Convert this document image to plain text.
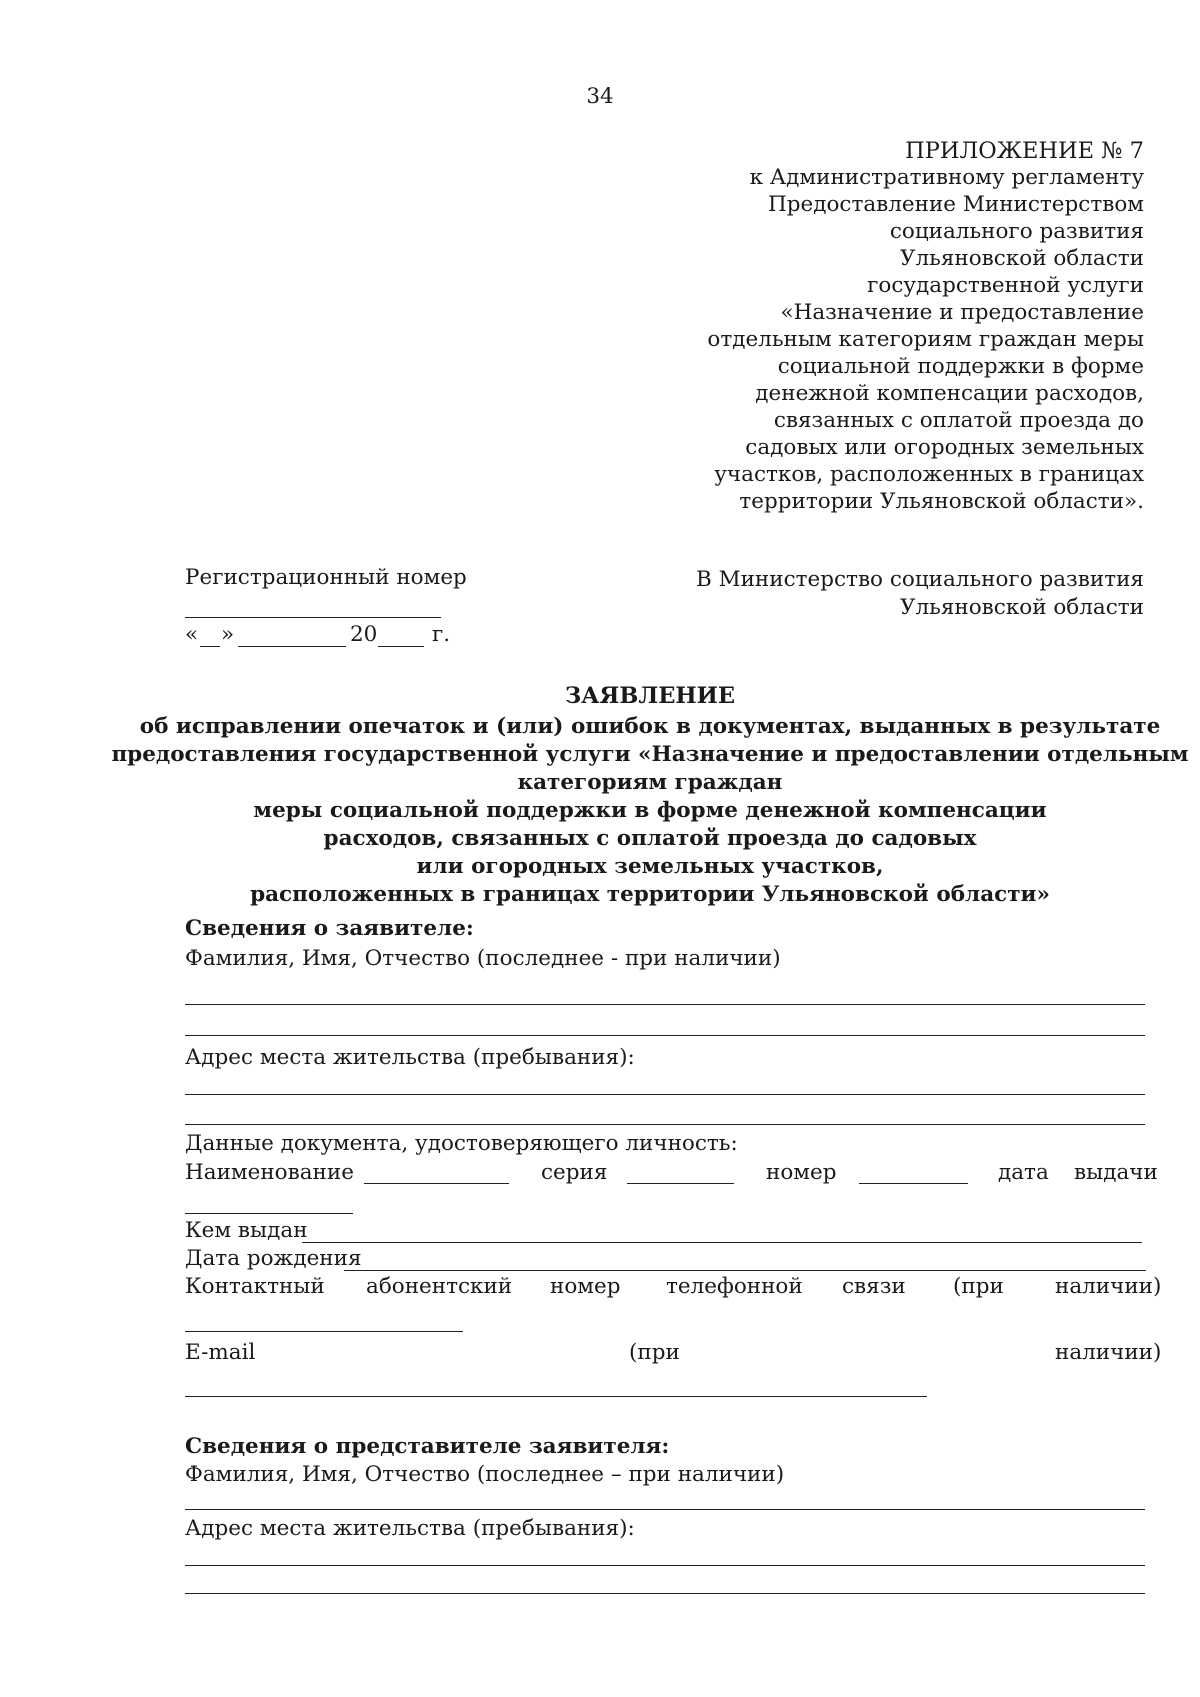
34
ПРИЛОЖЕНИЕ № 7
к Административному регламенту
Предоставление Министерством
социального развития
Ульяновской области
государственной услуги
«Назначение и предоставление
отдельным категориям граждан меры
социальной поддержки в форме
денежной компенсации расходов,
связанных с оплатой проезда до
садовых или огородных земельных
участков, расположенных в границах
территории Ульяновской области».
Регистрационный номер
« »	20	г.
В Министерство социального развития
Ульяновской области
ЗАЯВЛЕНИЕ
об исправлении опечаток и (или) ошибок в документах, выданных в результате
предоставления государственной услуги «Назначение и предоставлении отдельным
категориям граждан
меры социальной поддержки в форме денежной компенсации
расходов, связанных с оплатой проезда до садовых
или огородных земельных участков,
расположенных в границах территории Ульяновской области»
Сведения о заявителе:
Фамилия, Имя, Отчество (последнее - при наличии)
Адрес места жительства (пребывания):
Данные документа, удостоверяющего личность:
Наименование	серия	номер	дата выдачи
Кем выдан
Дата рождения
Контактный абонентский номер телефонной связи (при наличии)
E-mail	(при	наличии)
Сведения о представителе заявителя:
Фамилия, Имя, Отчество (последнее – при наличии)
Адрес места жительства (пребывания):
